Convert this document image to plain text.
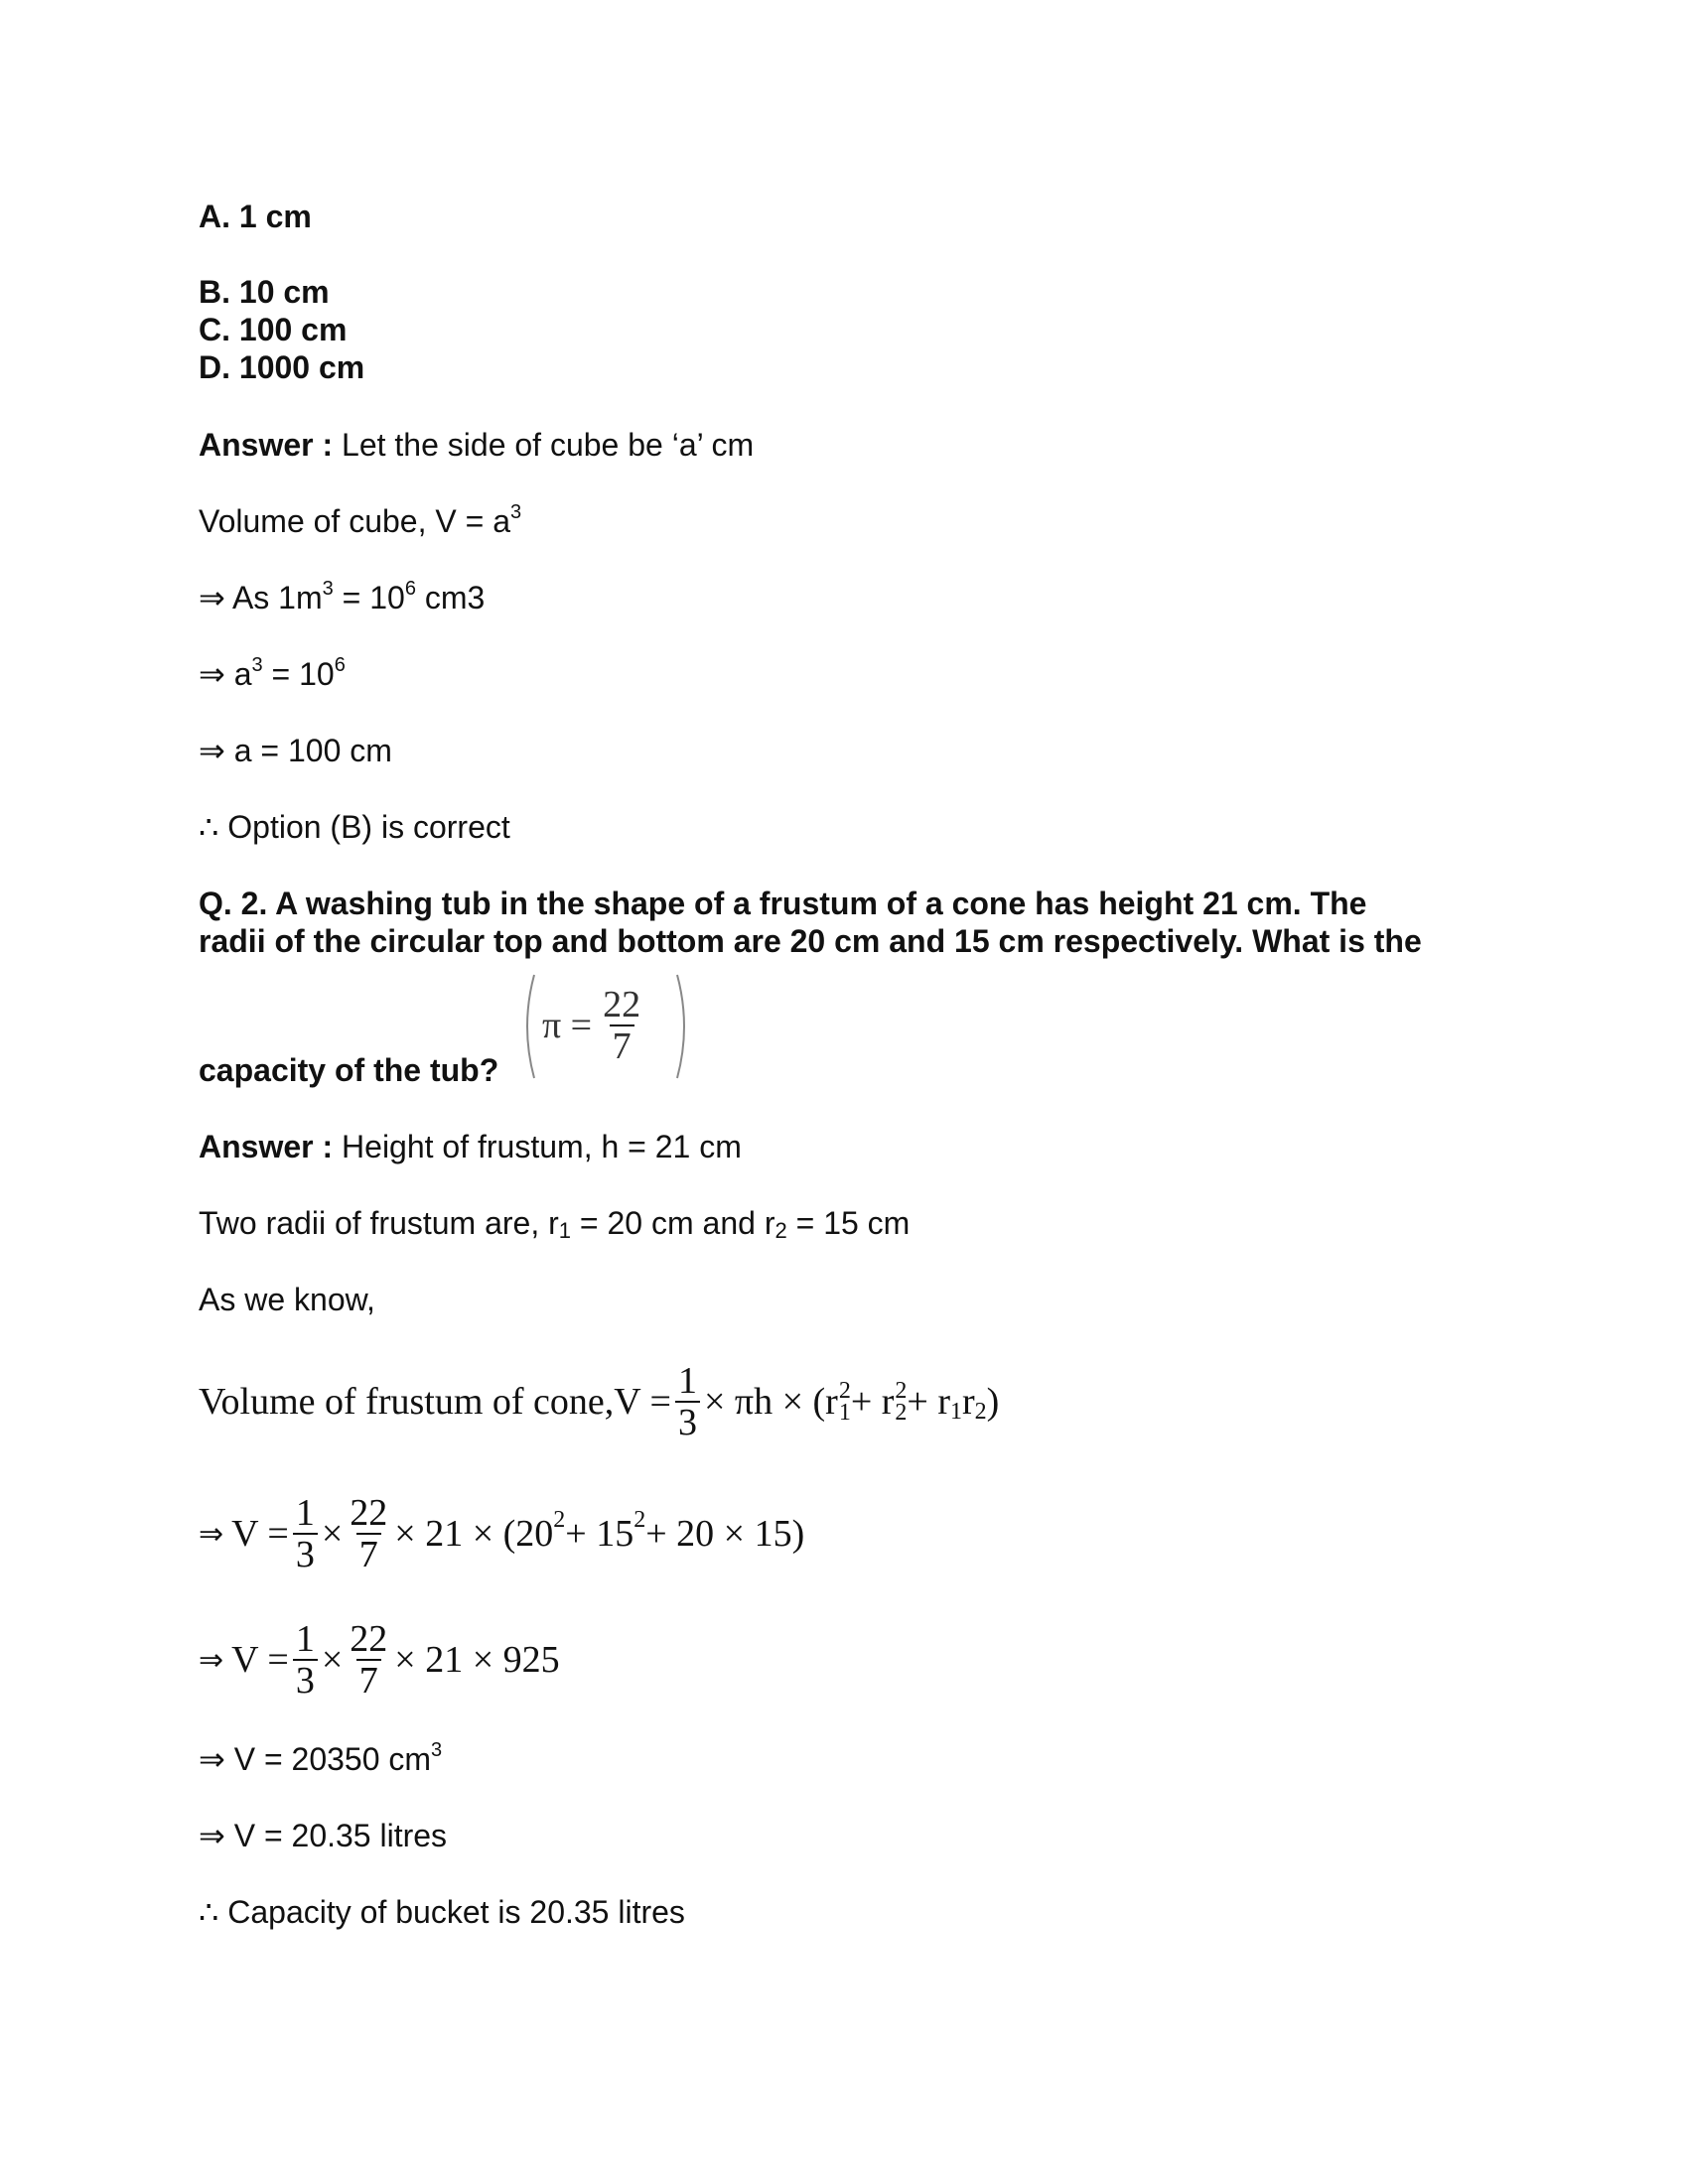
A. 1 cm
B. 10 cm
C. 100 cm
D. 1000 cm
Answer : Let the side of cube be ‘a’ cm
Volume of cube, $V = a^3$
⇒ As $1m^3 = 10^6$ cm3
⇒ $a^3 = 10^6$
⇒ a = 100 cm
∴ Option (B) is correct
Q. 2. A washing tub in the shape of a frustum of a cone has height 21 cm. The
radii of the circular top and bottom are 20 cm and 15 cm respectively. What is the
capacity of the tub?
$\pi = \frac{22}{7}$
Answer : Height of frustum, h = 21 cm
Two radii of frustum are, $r_1 = 20$ cm and $r_2 = 15$ cm
As we know,
Volume of frustum of cone,V = $\frac{1}{3} \times \pi h \times (r$ 2
1 + r 2
2 + r 1 r 2 )
⇒ $V = \frac{1}{3} \times \frac{22}{7} \times 21 \times (20$ 2 + 15 2 + 20 × 15)
⇒ $V = \frac{1}{3} \times \frac{22}{7} \times 21 \times 925$
⇒ V = 20350 $cm^3$
⇒ V = 20.35 litres
∴ Capacity of bucket is 20.35 litres
